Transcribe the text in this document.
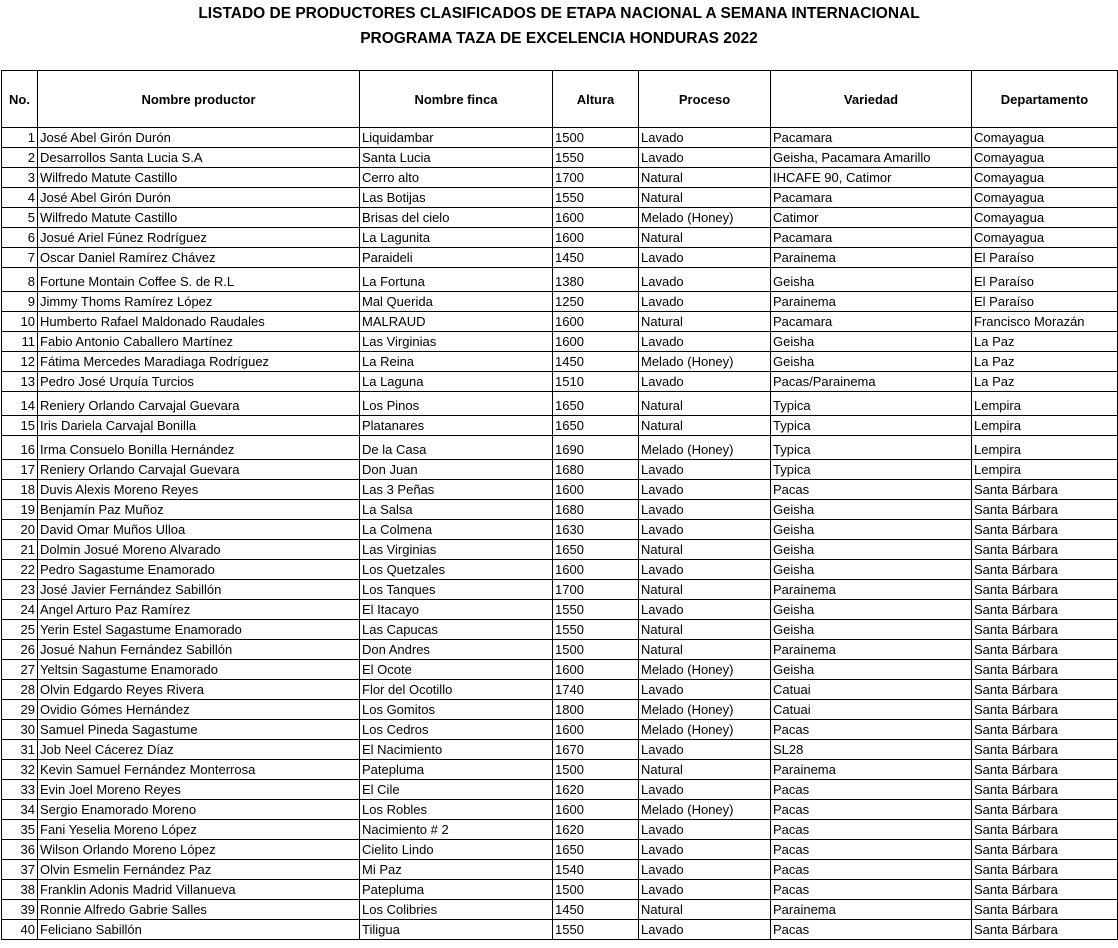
LISTADO DE PRODUCTORES CLASIFICADOS DE ETAPA NACIONAL A SEMANA INTERNACIONAL
PROGRAMA TAZA DE EXCELENCIA HONDURAS 2022
No.	Nombre productor	Nombre finca	Altura	Proceso	Variedad	Departamento
1	José Abel Girón Durón	Liquidambar	1500	Lavado	Pacamara	Comayagua
2	Desarrollos Santa Lucia S.A	Santa Lucia	1550	Lavado	Geisha, Pacamara Amarillo	Comayagua
3	Wilfredo Matute Castillo	Cerro alto	1700	Natural	IHCAFE 90, Catimor	Comayagua
4	José Abel Girón Durón	Las Botijas	1550	Natural	Pacamara	Comayagua
5	Wilfredo Matute Castillo	Brisas del cielo	1600	Melado (Honey)	Catimor	Comayagua
6	Josué Ariel Fúnez Rodríguez	La Lagunita	1600	Natural	Pacamara	Comayagua
7	Oscar Daniel Ramírez Chávez	Paraideli	1450	Lavado	Parainema	El Paraíso
8	Fortune Montain Coffee S. de R.L	La Fortuna	1380	Lavado	Geisha	El Paraíso
9	Jimmy Thoms Ramírez López	Mal Querida	1250	Lavado	Parainema	El Paraíso
10	Humberto Rafael Maldonado Raudales	MALRAUD	1600	Natural	Pacamara	Francisco Morazán
11	Fabio Antonio Caballero Martínez	Las Virginias	1600	Lavado	Geisha	La Paz
12	Fátima Mercedes Maradiaga Rodríguez	La Reina	1450	Melado (Honey)	Geisha	La Paz
13	Pedro José Urquía Turcios	La Laguna	1510	Lavado	Pacas/Parainema	La Paz
14	Reniery Orlando Carvajal Guevara	Los Pinos	1650	Natural	Typica	Lempira
15	Iris Dariela Carvajal Bonilla	Platanares	1650	Natural	Typica	Lempira
16	Irma Consuelo Bonilla Hernández	De la Casa	1690	Melado (Honey)	Typica	Lempira
17	Reniery Orlando Carvajal Guevara	Don Juan	1680	Lavado	Typica	Lempira
18	Duvis Alexis Moreno Reyes	Las 3 Peñas	1600	Lavado	Pacas	Santa Bárbara
19	Benjamín Paz Muñoz	La Salsa	1680	Lavado	Geisha	Santa Bárbara
20	David Omar Muños Ulloa	La Colmena	1630	Lavado	Geisha	Santa Bárbara
21	Dolmin Josué Moreno Alvarado	Las Virginias	1650	Natural	Geisha	Santa Bárbara
22	Pedro Sagastume Enamorado	Los Quetzales	1600	Lavado	Geisha	Santa Bárbara
23	José Javier Fernández Sabillón	Los Tanques	1700	Natural	Parainema	Santa Bárbara
24	Angel Arturo Paz Ramírez	El Itacayo	1550	Lavado	Geisha	Santa Bárbara
25	Yerin Estel Sagastume Enamorado	Las Capucas	1550	Natural	Geisha	Santa Bárbara
26	Josué Nahun Fernández Sabillón	Don Andres	1500	Natural	Parainema	Santa Bárbara
27	Yeltsin Sagastume Enamorado	El Ocote	1600	Melado (Honey)	Geisha	Santa Bárbara
28	Olvin Edgardo Reyes Rivera	Flor del Ocotillo	1740	Lavado	Catuai	Santa Bárbara
29	Ovidio Gómes Hernández	Los Gomitos	1800	Melado (Honey)	Catuai	Santa Bárbara
30	Samuel Pineda Sagastume	Los Cedros	1600	Melado (Honey)	Pacas	Santa Bárbara
31	Job Neel Cácerez Díaz	El Nacimiento	1670	Lavado	SL28	Santa Bárbara
32	Kevin Samuel Fernández Monterrosa	Patepluma	1500	Natural	Parainema	Santa Bárbara
33	Evin Joel Moreno Reyes	El Cile	1620	Lavado	Pacas	Santa Bárbara
34	Sergio Enamorado Moreno	Los Robles	1600	Melado (Honey)	Pacas	Santa Bárbara
35	Fani Yeselia Moreno López	Nacimiento # 2	1620	Lavado	Pacas	Santa Bárbara
36	Wilson Orlando Moreno López	Cielito Lindo	1650	Lavado	Pacas	Santa Bárbara
37	Olvin Esmelin Fernández Paz	Mi Paz	1540	Lavado	Pacas	Santa Bárbara
38	Franklin Adonis Madrid Villanueva	Patepluma	1500	Lavado	Pacas	Santa Bárbara
39	Ronnie Alfredo Gabrie Salles	Los Colibries	1450	Natural	Parainema	Santa Bárbara
40	Feliciano Sabillón	Tiligua	1550	Lavado	Pacas	Santa Bárbara
